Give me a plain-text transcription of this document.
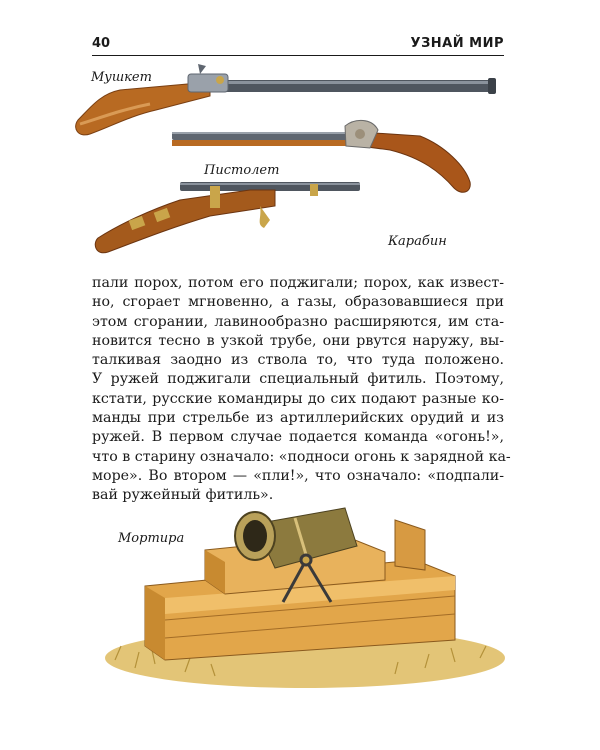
40	УЗНАЙ МИР
Мушкет
Пистолет
Карабин

пали порох, потом его поджигали; порох, как извест-
но, сгорает мгновенно, а газы, образовавшиеся при
этом сгорании, лавинообразно расширяются, им ста-
новится тесно в узкой трубе, они рвутся наружу, вы-
талкивая заодно из ствола то, что туда положено.
У ружей поджигали специальный фитиль. Поэтому,
кстати, русские командиры до сих подают разные ко-
манды при стрельбе из артиллерийских орудий и из
ружей. В первом случае подается команда «огонь!»,
что в старину означало: «подноси огонь к зарядной ка-
море». Во втором — «пли!», что означало: «подпали-
вай ружейный фитиль».

Мортира
